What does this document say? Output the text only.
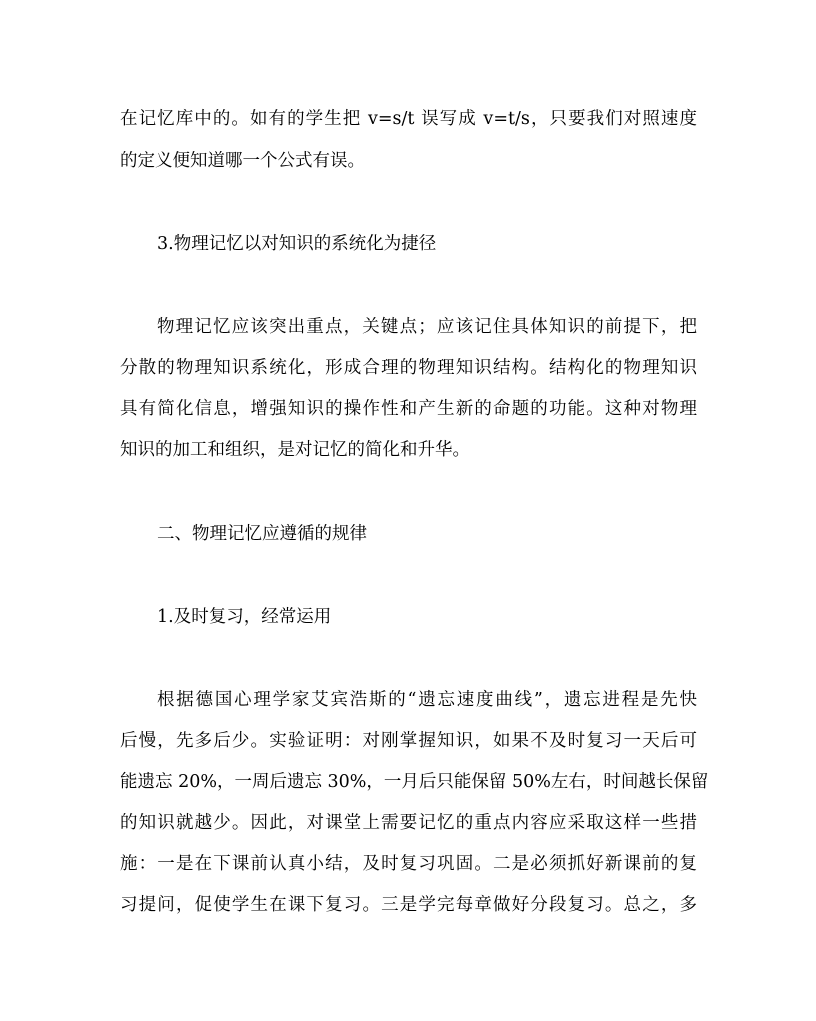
在记忆库中的。如有的学生把 v=s/t 误写成 v=t/s，只要我们对照速度
的定义便知道哪一个公式有误。
3.物理记忆以对知识的系统化为捷径
物理记忆应该突出重点，关键点；应该记住具体知识的前提下，把
分散的物理知识系统化，形成合理的物理知识结构。结构化的物理知识
具有简化信息，增强知识的操作性和产生新的命题的功能。这种对物理
知识的加工和组织，是对记忆的简化和升华。
二、物理记忆应遵循的规律
1.及时复习，经常运用
根据德国心理学家艾宾浩斯的“遗忘速度曲线”，遗忘进程是先快
后慢，先多后少。实验证明：对刚掌握知识，如果不及时复习一天后可
能遗忘 20%，一周后遗忘 30%，一月后只能保留 50%左右，时间越长保留
的知识就越少。因此，对课堂上需要记忆的重点内容应采取这样一些措
施：一是在下课前认真小结，及时复习巩固。二是必须抓好新课前的复
习提问，促使学生在课下复习。三是学完每章做好分段复习。总之，多
